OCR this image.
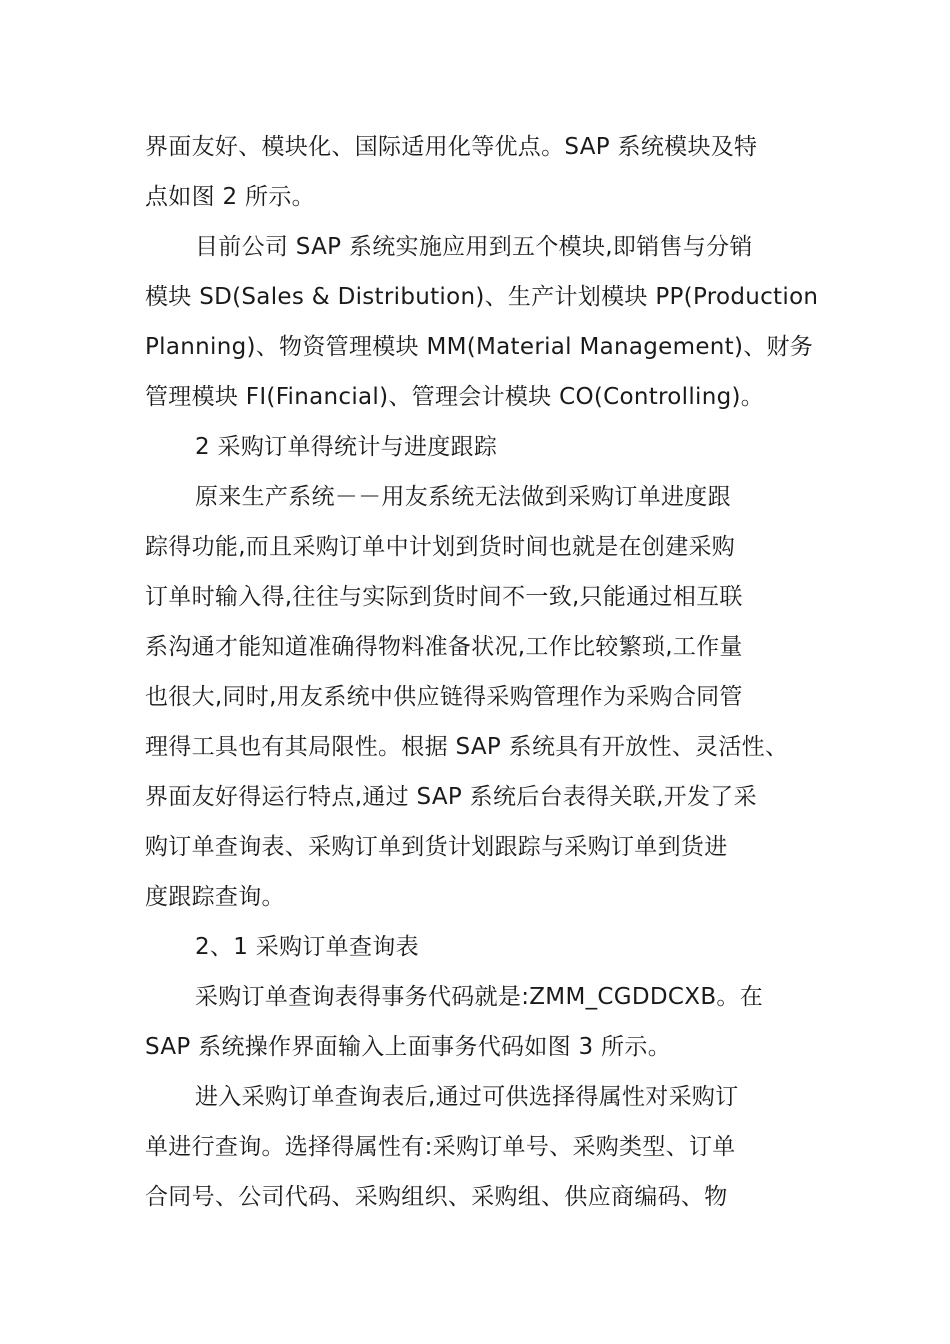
界面友好、模块化、国际适用化等优点。SAP 系统模块及特
点如图 2 所示。
目前公司 SAP 系统实施应用到五个模块,即销售与分销
模块 SD(Sales & Distribution)、生产计划模块 PP(Production
Planning)、物资管理模块 MM(Material Management)、财务
管理模块 FI(Financial)、管理会计模块 CO(Controlling)。
2 采购订单得统计与进度跟踪
原来生产系统－－用友系统无法做到采购订单进度跟
踪得功能,而且采购订单中计划到货时间也就是在创建采购
订单时输入得,往往与实际到货时间不一致,只能通过相互联
系沟通才能知道准确得物料准备状况,工作比较繁琐,工作量
也很大,同时,用友系统中供应链得采购管理作为采购合同管
理得工具也有其局限性。根据 SAP 系统具有开放性、灵活性、
界面友好得运行特点,通过 SAP 系统后台表得关联,开发了采
购订单查询表、采购订单到货计划跟踪与采购订单到货进
度跟踪查询。
2、1 采购订单查询表
采购订单查询表得事务代码就是:ZMM_CGDDCXB。在
SAP 系统操作界面输入上面事务代码如图 3 所示。
进入采购订单查询表后,通过可供选择得属性对采购订
单进行查询。选择得属性有:采购订单号、采购类型、订单
合同号、公司代码、采购组织、采购组、供应商编码、物
